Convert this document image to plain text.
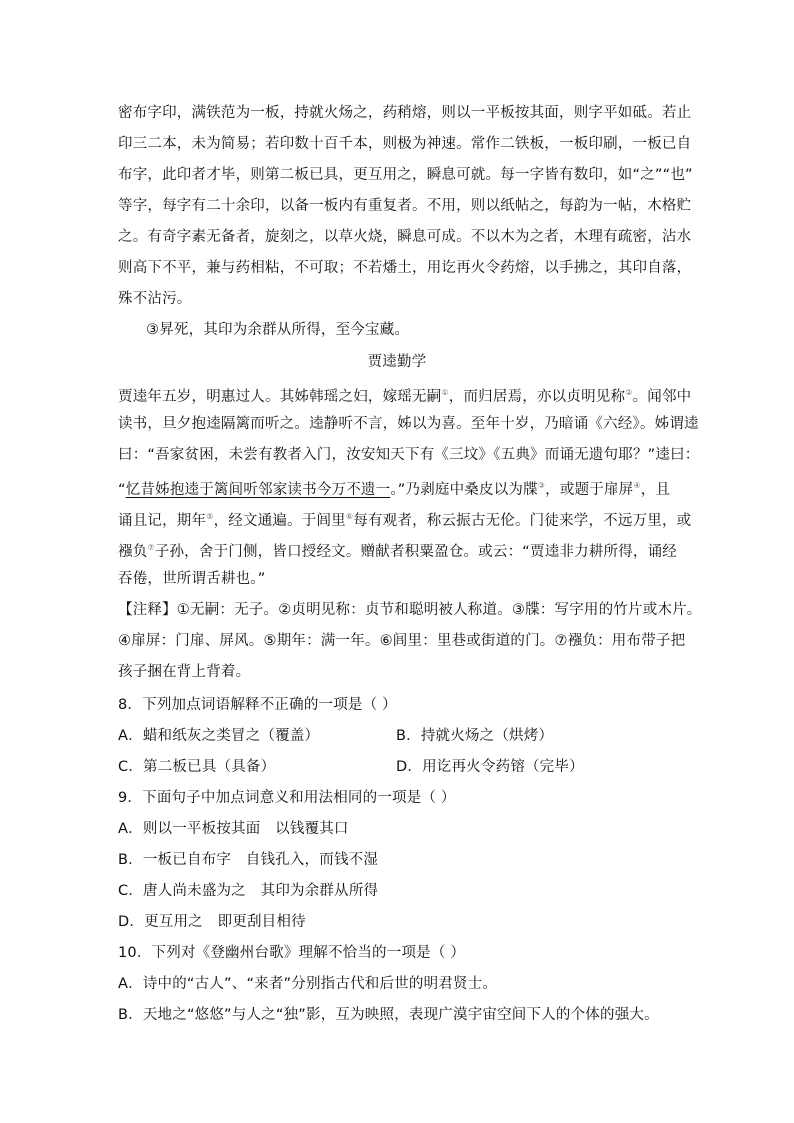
密布字印，满铁范为一板，持就火炀之，药稍熔，则以一平板按其面，则字平如砥。若止
印三二本，未为简易；若印数十百千本，则极为神速。常作二铁板，一板印刷，一板已自
布字，此印者才毕，则第二板已具，更互用之，瞬息可就。每一字皆有数印，如“之”“也”
等字，每字有二十余印，以备一板内有重复者。不用，则以纸帖之，每韵为一帖，木格贮
之。有奇字素无备者，旋刻之，以草火烧，瞬息可成。不以木为之者，木理有疏密，沾水
则高下不平，兼与药相粘，不可取；不若燔土，用讫再火令药熔，以手拂之，其印自落，
殊不沾污。
③昇死，其印为余群从所得，至今宝藏。
贾逵勤学
贾逵年五岁，明惠过人。其姊韩瑶之妇，嫁瑶无嗣①，而归居焉，亦以贞明见称②。闻邻中
读书，旦夕抱逵隔篱而听之。逵静听不言，姊以为喜。至年十岁，乃暗诵《六经》。姊谓逵
曰：“吾家贫困，未尝有教者入门，汝安知天下有《三坟》《五典》而诵无遗句耶？”逵曰：
“忆昔姊抱逵于篱间听邻家读书今万不遗一。”乃剥庭中桑皮以为牒③，或题于扉屏④，且
诵且记，期年⑤，经文通遍。于闾里⑥每有观者，称云振古无伦。门徒来学，不远万里，或
襁负⑦子孙，舍于门侧，皆口授经文。赠献者积粟盈仓。或云：“贾逵非力耕所得，诵经
吞倦，世所谓舌耕也。”
【注释】①无嗣：无子。②贞明见称：贞节和聪明被人称道。③牒：写字用的竹片或木片。
④扉屏：门扉、屏风。⑤期年：满一年。⑥闾里：里巷或街道的门。⑦襁负：用布带子把
孩子捆在背上背着。
8．下列加点词语解释不正确的一项是（ ）
A．蜡和纸灰之类冒之（覆盖）	B．持就火炀之（烘烤）
C．第二板已具（具备）	D．用讫再火令药镕（完毕）
9．下面句子中加点词意义和用法相同的一项是（ ）
A．则以一平板按其面　以钱覆其口
B．一板已自布字　自钱孔入，而钱不湿
C．唐人尚未盛为之　其印为余群从所得
D．更互用之　即更刮目相待
10．下列对《登幽州台歌》理解不恰当的一项是（ ）
A．诗中的“古人”、“来者”分别指古代和后世的明君贤士。
B．天地之“悠悠”与人之“独”影，互为映照，表现广漠宇宙空间下人的个体的强大。
